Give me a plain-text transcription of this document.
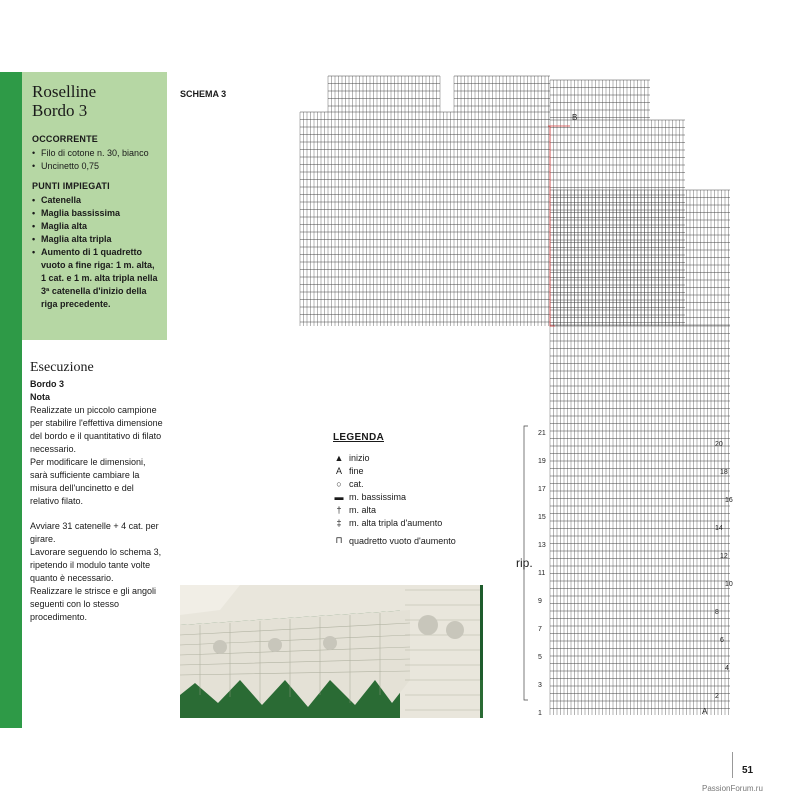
Roselline
Bordo 3
OCCORRENTE
• Filo di cotone n. 30, bianco
• Uncinetto 0,75
PUNTI IMPIEGATI
• Catenella
• Maglia bassissima
• Maglia alta
• Maglia alta tripla
• Aumento di 1 quadretto vuoto a fine riga: 1 m. alta, 1 cat. e 1 m. alta tripla nella 3ª catenella d'inizio della riga precedente.
Esecuzione
Bordo 3
Nota

Realizzate un piccolo campione per stabilire l'effettiva dimensione del bordo e il quantitativo di filato necessario.

Per modificare le dimensioni, sarà sufficiente cambiare la misura dell'uncinetto e del relativo filato.

Avviare 31 catenelle + 4 cat. per girare.

Lavorare seguendo lo schema 3, ripetendo il modulo tante volte quanto è necessario.

Realizzare le strisce e gli angoli seguenti con lo stesso procedimento.

SCHEMA 3
B
A
21
19
17
15
13
11
9
7
5
3
1
20
18
16
14
12
10
8
6
4
2
rip.
LEGENDA
▲ inizio
A fine
○ cat.
▬ m. bassissima
† m. alta
‡ m. alta tripla d'aumento
⊓ quadretto vuoto d'aumento
51
PassionForum.ru
